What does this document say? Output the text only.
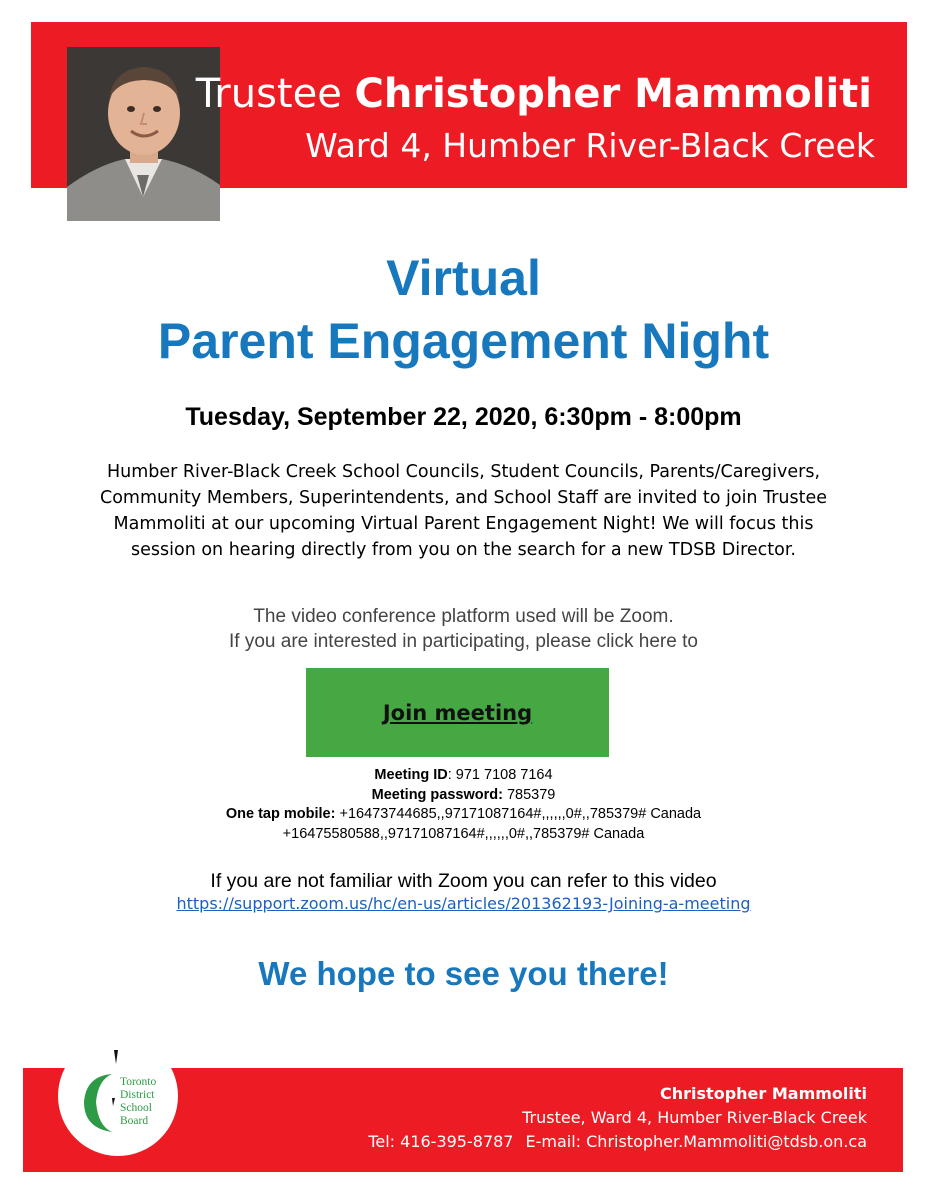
Trustee Christopher Mammoliti
Ward 4, Humber River-Black Creek
Virtual
Parent Engagement Night
Tuesday, September 22, 2020, 6:30pm - 8:00pm
Humber River-Black Creek School Councils, Student Councils, Parents/Caregivers, Community Members, Superintendents, and School Staff are invited to join Trustee Mammoliti at our upcoming Virtual Parent Engagement Night! We will focus this session on hearing directly from you on the search for a new TDSB Director.
The video conference platform used will be Zoom.
If you are interested in participating, please click here to
Join meeting
Meeting ID: 971 7108 7164
Meeting password: 785379
One tap mobile: +16473744685,,97171087164#,,,,,,0#,,785379# Canada
+16475580588,,97171087164#,,,,,,0#,,785379# Canada
If you are not familiar with Zoom you can refer to this video
https://support.zoom.us/hc/en-us/articles/201362193-Joining-a-meeting
We hope to see you there!
Toronto
District
School
Board
Christopher Mammoliti
Trustee, Ward 4, Humber River-Black Creek
Tel: 416-395-8787 E-mail: Christopher.Mammoliti@tdsb.on.ca
